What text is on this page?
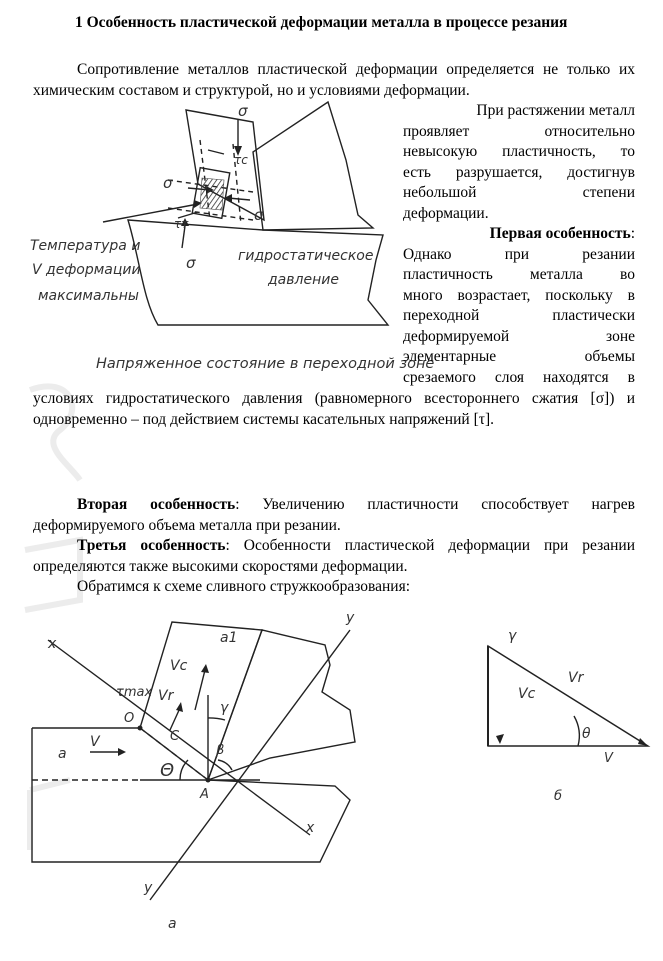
1 Особенность пластической деформации металла в процессе резания
Сопротивление металлов пластической деформации определяется не только их химическим составом и структурой, но и условиями деформации.
σ
τc
τт
σ
σ
σ
Температура и
V деформации
максимальны
гидростатическое
давление
Напряженное состояние в переходной зоне
При растяжении металл
проявляет относительно
невысокую пластичность, то
есть разрушается, достигнув
небольшой степени
деформации.
Первая особенность:
Однако при резании
пластичность металла во
много возрастает, поскольку в
переходной пластически
деформируемой зоне
элементарные объемы
срезаемого слоя находятся в
условиях гидростатического давления (равномерного всестороннего сжатия [σ]) и одновременно – под действием системы касательных напряжений [τ].
Вторая особенность: Увеличению пластичности способствует нагрев деформируемого объема металла при резании.
Третья особенность: Особенности пластической деформации при резании определяются также высокими скоростями деформации.
Обратимся к схеме сливного стружкообразования:
x
y
a1
Vc
τmax
O
Vr
C
γ
a
V
Θ
β
A
x
y
а
γ
Vr
Vc
θ
V
б
